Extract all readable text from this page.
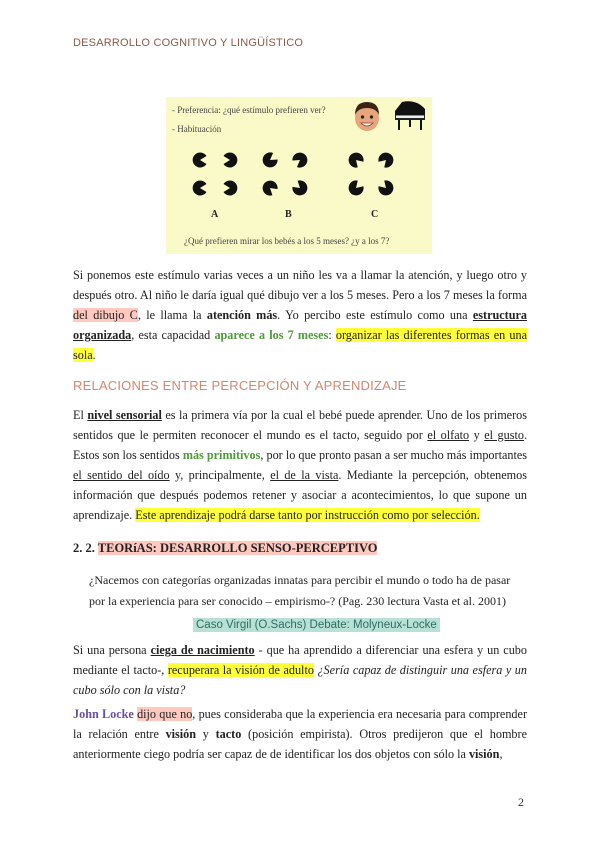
DESARROLLO COGNITIVO Y LINGÜÍSTICO
- Preferencia: ¿qué estímulo prefieren ver?
- Habituación
A	B	C
¿Qué prefieren mirar los bebés a los 5 meses? ¿y a los 7?

Si ponemos este estímulo varias veces a un niño les va a llamar la atención, y luego otro y después otro. Al niño le daría igual qué dibujo ver a los 5 meses. Pero a los 7 meses la forma del dibujo C, le llama la atención más. Yo percibo este estímulo como una estructura organizada, esta capacidad aparece a los 7 meses: organizar las diferentes formas en una sola.

RELACIONES ENTRE PERCEPCIÓN Y APRENDIZAJE

El nivel sensorial es la primera vía por la cual el bebé puede aprender. Uno de los primeros sentidos que le permiten reconocer el mundo es el tacto, seguido por el olfato y el gusto. Estos son los sentidos más primitivos, por lo que pronto pasan a ser mucho más importantes el sentido del oído y, principalmente, el de la vista. Mediante la percepción, obtenemos información que después podemos retener y asociar a acontecimientos, lo que supone un aprendizaje. Este aprendizaje podrá darse tanto por instrucción como por selección.

2. 2. TEORíAS: DESARROLLO SENSO-PERCEPTIVO

¿Nacemos con categorías organizadas innatas para percibir el mundo o todo ha de pasar por la experiencia para ser conocido – empirismo-? (Pag. 230 lectura Vasta et al. 2001)

Caso Virgil (O.Sachs) Debate: Molyneux-Locke

Si una persona ciega de nacimiento - que ha aprendido a diferenciar una esfera y un cubo mediante el tacto-, recuperara la visión de adulto ¿Sería capaz de distinguir una esfera y un cubo sólo con la vista?

John Locke dijo que no, pues consideraba que la experiencia era necesaria para comprender la relación entre visión y tacto (posición empirista). Otros predijeron que el hombre anteriormente ciego podría ser capaz de de identificar los dos objetos con sólo la visión,

2
